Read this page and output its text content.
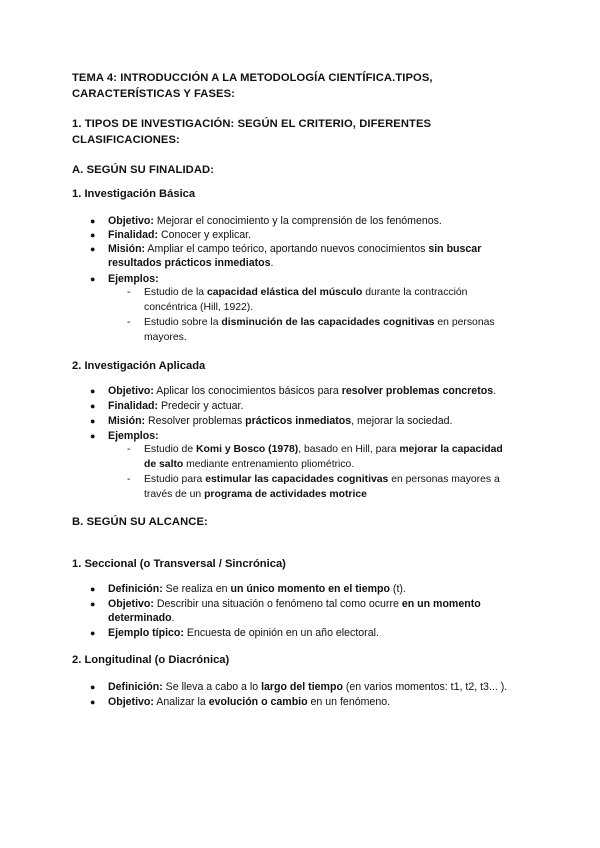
TEMA 4: INTRODUCCIÓN A LA METODOLOGÍA CIENTÍFICA.TIPOS, CARACTERÍSTICAS Y FASES:
1. TIPOS DE INVESTIGACIÓN: SEGÚN EL CRITERIO, DIFERENTES CLASIFICACIONES:
A. SEGÚN SU FINALIDAD:
1. Investigación Básica
● Objetivo: Mejorar el conocimiento y la comprensión de los fenómenos.
● Finalidad: Conocer y explicar.
● Misión: Ampliar el campo teórico, aportando nuevos conocimientos sin buscar resultados prácticos inmediatos.
● Ejemplos:
- Estudio de la capacidad elástica del músculo durante la contracción concéntrica (Hill, 1922).
- Estudio sobre la disminución de las capacidades cognitivas en personas mayores.
2. Investigación Aplicada
● Objetivo: Aplicar los conocimientos básicos para resolver problemas concretos.
● Finalidad: Predecir y actuar.
● Misión: Resolver problemas prácticos inmediatos, mejorar la sociedad.
● Ejemplos:
- Estudio de Komi y Bosco (1978), basado en Hill, para mejorar la capacidad de salto mediante entrenamiento pliométrico.
- Estudio para estimular las capacidades cognitivas en personas mayores a través de un programa de actividades motrice
B. SEGÚN SU ALCANCE:
1. Seccional (o Transversal / Sincrónica)
● Definición: Se realiza en un único momento en el tiempo (t).
● Objetivo: Describir una situación o fenómeno tal como ocurre en un momento determinado.
● Ejemplo típico: Encuesta de opinión en un año electoral.
2. Longitudinal (o Diacrónica)
● Definición: Se lleva a cabo a lo largo del tiempo (en varios momentos: t1, t2, t3... ).
● Objetivo: Analizar la evolución o cambio en un fenómeno.
